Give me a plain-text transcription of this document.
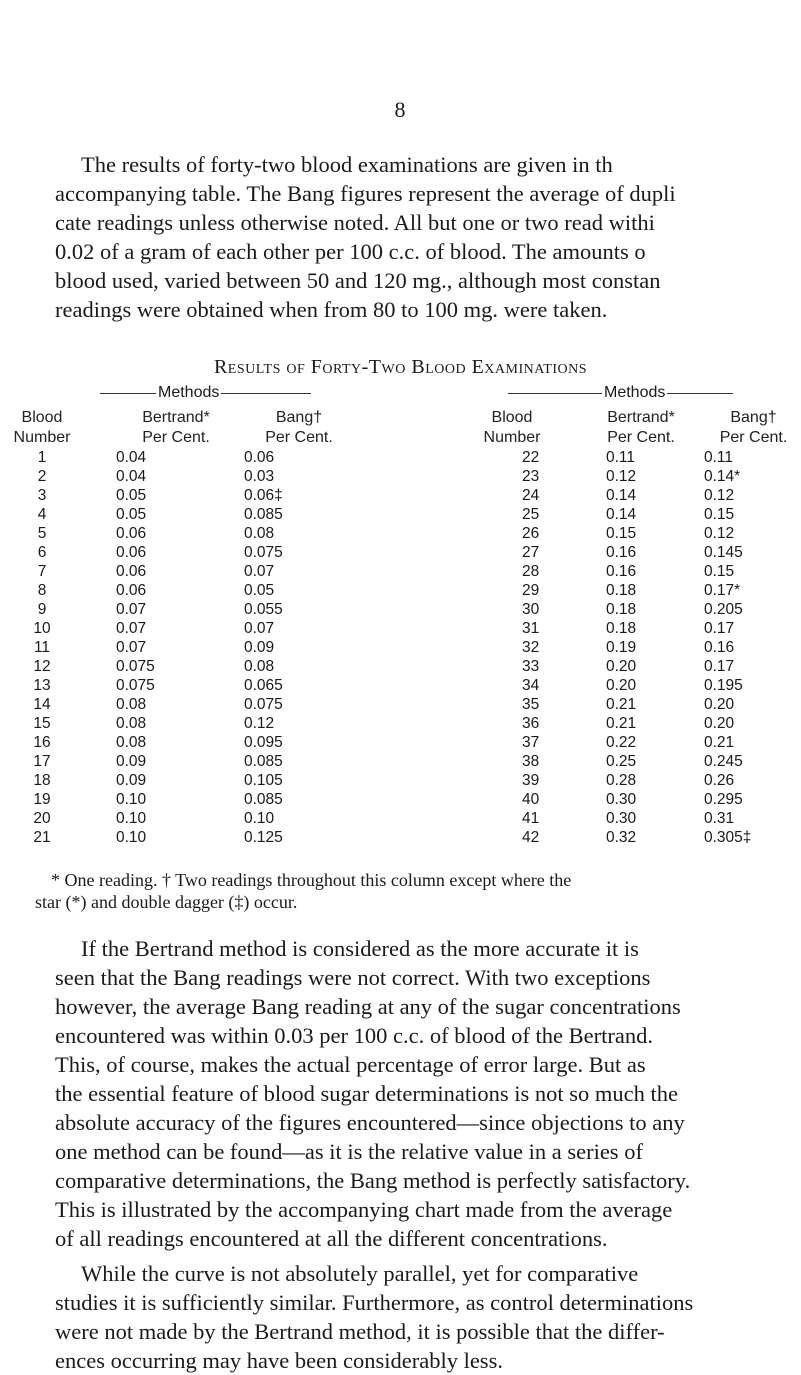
8
The results of forty-two blood examinations are given in th
accompanying table. The Bang figures represent the average of dupli
cate readings unless otherwise noted. All but one or two read withi
0.02 of a gram of each other per 100 c.c. of blood. The amounts o
blood used, varied between 50 and 120 mg., although most constan
readings were obtained when from 80 to 100 mg. were taken.
Results of Forty-Two Blood Examinations
Methods	Methods
Blood
Number
Bertrand*
Per Cent.
Bang†
Per Cent.
Blood
Number
Bertrand*
Per Cent.
Bang†
Per Cent.
1		0.04	0.06		22		0.11	0.11
2		0.04	0.03		23		0.12	0.14*
3		0.05	0.06‡		24		0.14	0.12
4		0.05	0.085		25		0.14	0.15
5		0.06	0.08		26		0.15	0.12
6		0.06	0.075		27		0.16	0.145
7		0.06	0.07		28		0.16	0.15
8		0.06	0.05		29		0.18	0.17*
9		0.07	0.055		30		0.18	0.205
10		0.07	0.07		31		0.18	0.17
11		0.07	0.09		32		0.19	0.16
12		0.075	0.08		33		0.20	0.17
13		0.075	0.065		34		0.20	0.195
14		0.08	0.075		35		0.21	0.20
15		0.08	0.12		36		0.21	0.20
16		0.08	0.095		37		0.22	0.21
17		0.09	0.085		38		0.25	0.245
18		0.09	0.105		39		0.28	0.26
19		0.10	0.085		40		0.30	0.295
20		0.10	0.10		41		0.30	0.31
21		0.10	0.125		42		0.32	0.305‡
* One reading. † Two readings throughout this column except where the
star (*) and double dagger (‡) occur.
If the Bertrand method is considered as the more accurate it is
seen that the Bang readings were not correct. With two exceptions
however, the average Bang reading at any of the sugar concentrations
encountered was within 0.03 per 100 c.c. of blood of the Bertrand.
This, of course, makes the actual percentage of error large. But as
the essential feature of blood sugar determinations is not so much the
absolute accuracy of the figures encountered—since objections to any
one method can be found—as it is the relative value in a series of
comparative determinations, the Bang method is perfectly satisfactory.
This is illustrated by the accompanying chart made from the average
of all readings encountered at all the different concentrations.
While the curve is not absolutely parallel, yet for comparative
studies it is sufficiently similar. Furthermore, as control determinations
were not made by the Bertrand method, it is possible that the differ-
ences occurring may have been considerably less.
